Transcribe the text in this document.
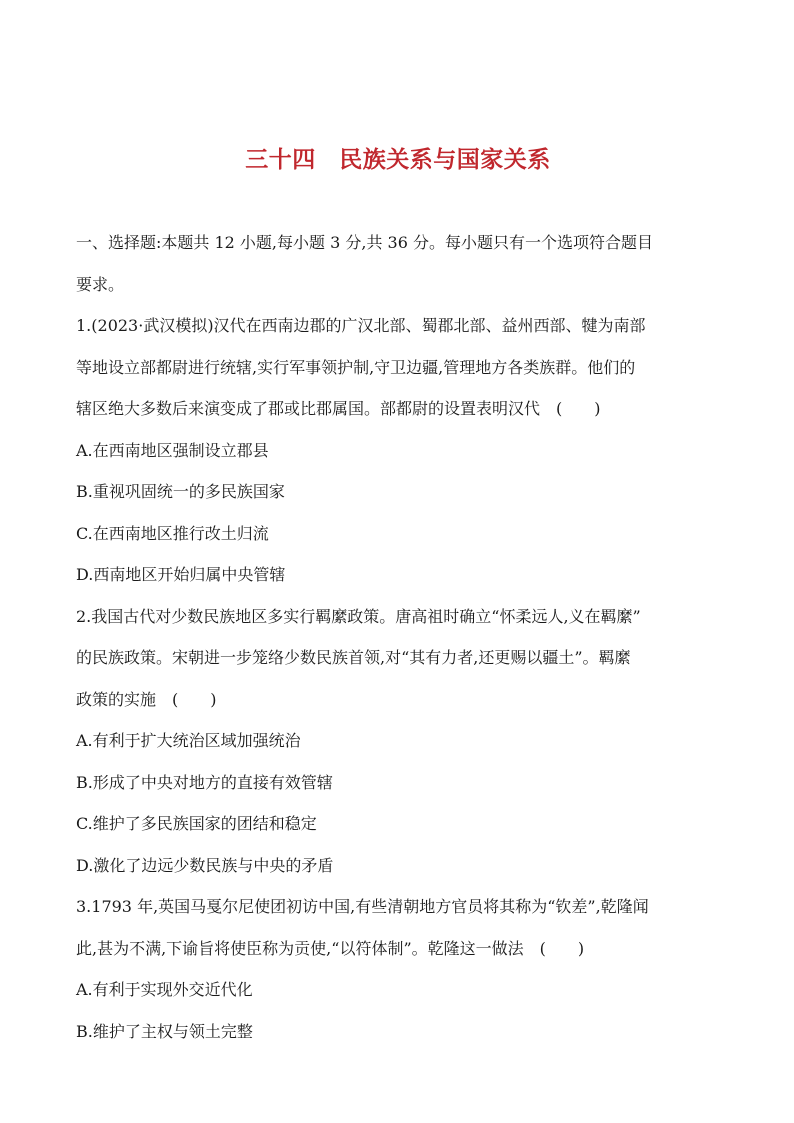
三十四　民族关系与国家关系
一、选择题:本题共 12 小题,每小题 3 分,共 36 分。每小题只有一个选项符合题目
要求。
1.(2023·武汉模拟)汉代在西南边郡的广汉北部、蜀郡北部、益州西部、犍为南部
等地设立部都尉进行统辖,实行军事领护制,守卫边疆,管理地方各类族群。他们的
辖区绝大多数后来演变成了郡或比郡属国。部都尉的设置表明汉代　(　　)
A.在西南地区强制设立郡县
B.重视巩固统一的多民族国家
C.在西南地区推行改土归流
D.西南地区开始归属中央管辖
2.我国古代对少数民族地区多实行羁縻政策。唐高祖时确立“怀柔远人,义在羁縻”
的民族政策。宋朝进一步笼络少数民族首领,对“其有力者,还更赐以疆土”。羁縻
政策的实施　(　　)
A.有利于扩大统治区域加强统治
B.形成了中央对地方的直接有效管辖
C.维护了多民族国家的团结和稳定
D.激化了边远少数民族与中央的矛盾
3.1793 年,英国马戛尔尼使团初访中国,有些清朝地方官员将其称为“钦差”,乾隆闻
此,甚为不满,下谕旨将使臣称为贡使,“以符体制”。乾隆这一做法　(　　)
A.有利于实现外交近代化
B.维护了主权与领土完整
